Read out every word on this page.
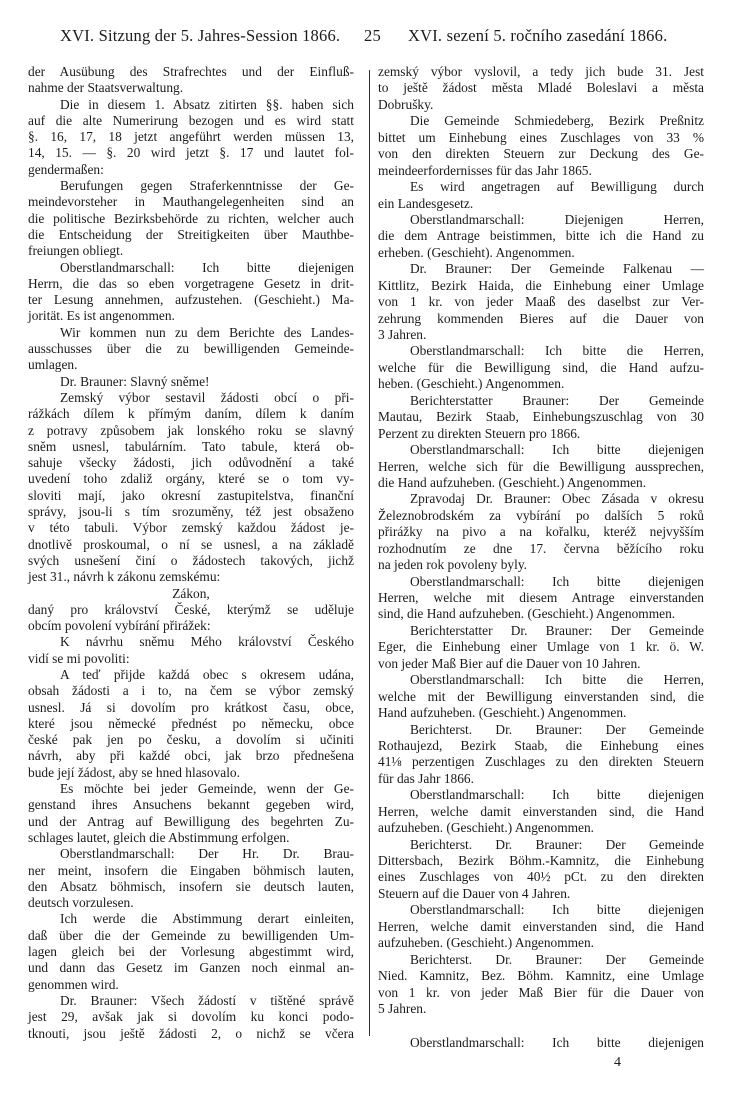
XVI. Sitzung der 5. Jahres-Session 1866. 25 XVI. sezení 5. ročního zasedání 1866.
der Ausübung des Strafrechtes und der Einfluß-
nahme der Staatsverwaltung.
Die in diesem 1. Absatz zitirten §§. haben sich
auf die alte Numerirung bezogen und es wird statt
§. 16, 17, 18 jetzt angeführt werden müssen 13,
14, 15. — §. 20 wird jetzt §. 17 und lautet fol-
gendermaßen:
Berufungen gegen Straferkenntnisse der Ge-
meindevorsteher in Mauthangelegenheiten sind an
die politische Bezirksbehörde zu richten, welcher auch
die Entscheidung der Streitigkeiten über Mauthbe-
freiungen obliegt.
Oberstlandmarschall: Ich bitte diejenigen
Herrn, die das so eben vorgetragene Gesetz in drit-
ter Lesung annehmen, aufzustehen. (Geschieht.) Ma-
jorität. Es ist angenommen.
Wir kommen nun zu dem Berichte des Landes-
ausschusses über die zu bewilligenden Gemeinde-
umlagen.
Dr. Brauner: Slavný sněme!
Zemský výbor sestavil žádosti obcí o při-
rážkách dílem k přímým daním, dílem k daním
z potravy způsobem jak lonského roku se slavný
sněm usnesl, tabulárním. Tato tabule, která ob-
sahuje všecky žádosti, jich odůvodnění a také
uvedení toho zdaliž orgány, které se o tom vy-
sloviti mají, jako okresní zastupitelstva, finanční
správy, jsou-li s tím srozuměny, též jest obsaženo
v této tabuli. Výbor zemský každou žádost je-
dnotlivě proskoumal, o ní se usnesl, a na základě
svých usnešení činí o žádostech takových, jichž
jest 31., návrh k zákonu zemskému:
Zákon,
daný pro království České, kterýmž se uděluje
obcím povolení vybírání přirážek:
K návrhu sněmu Mého království Českého
vidí se mi povoliti:
A teď přijde každá obec s okresem udána,
obsah žádosti a i to, na čem se výbor zemský
usnesl. Já si dovolím pro krátkost času, obce,
které jsou německé přednést po německu, obce
české pak jen po česku, a dovolím si učiniti
návrh, aby při každé obci, jak brzo přednešena
bude její žádost, aby se hned hlasovalo.
Es möchte bei jeder Gemeinde, wenn der Ge-
genstand ihres Ansuchens bekannt gegeben wird,
und der Antrag auf Bewilligung des begehrten Zu-
schlages lautet, gleich die Abstimmung erfolgen.
Oberstlandmarschall: Der Hr. Dr. Brau-
ner meint, insofern die Eingaben böhmisch lauten,
den Absatz böhmisch, insofern sie deutsch lauten,
deutsch vorzulesen.
Ich werde die Abstimmung derart einleiten,
daß über die der Gemeinde zu bewilligenden Um-
lagen gleich bei der Vorlesung abgestimmt wird,
und dann das Gesetz im Ganzen noch einmal an-
genommen wird.
Dr. Brauner: Všech žádostí v tištěné správě
jest 29, avšak jak si dovolím ku konci podo-
tknouti, jsou ještě žádosti 2, o nichž se včera
zemský výbor vyslovil, a tedy jich bude 31. Jest
to ještě žádost města Mladé Boleslavi a města
Dobrušky.
Die Gemeinde Schmiedeberg, Bezirk Preßnitz
bittet um Einhebung eines Zuschlages von 33 %
von den direkten Steuern zur Deckung des Ge-
meindeerfordernisses für das Jahr 1865.
Es wird angetragen auf Bewilligung durch
ein Landesgesetz.
Oberstlandmarschall: Diejenigen Herren,
die dem Antrage beistimmen, bitte ich die Hand zu
erheben. (Geschieht). Angenommen.
Dr. Brauner: Der Gemeinde Falkenau —
Kittlitz, Bezirk Haida, die Einhebung einer Umlage
von 1 kr. von jeder Maaß des daselbst zur Ver-
zehrung kommenden Bieres auf die Dauer von
3 Jahren.
Oberstlandmarschall: Ich bitte die Herren,
welche für die Bewilligung sind, die Hand aufzu-
heben. (Geschieht.) Angenommen.
Berichterstatter Brauner: Der Gemeinde
Mautau, Bezirk Staab, Einhebungszuschlag von 30
Perzent zu direkten Steuern pro 1866.
Oberstlandmarschall: Ich bitte diejenigen
Herren, welche sich für die Bewilligung aussprechen,
die Hand aufzuheben. (Geschieht.) Angenommen.
Zpravodaj Dr. Brauner: Obec Zásada v okresu
Železnobrodském za vybírání po dalších 5 roků
přirážky na pivo a na kořalku, kteréž nejvyšším
rozhodnutím ze dne 17. června běžícího roku
na jeden rok povoleny byly.
Oberstlandmarschall: Ich bitte diejenigen
Herren, welche mit diesem Antrage einverstanden
sind, die Hand aufzuheben. (Geschieht.) Angenommen.
Berichterstatter Dr. Brauner: Der Gemeinde
Eger, die Einhebung einer Umlage von 1 kr. ö. W.
von jeder Maß Bier auf die Dauer von 10 Jahren.
Oberstlandmarschall: Ich bitte die Herren,
welche mit der Bewilligung einverstanden sind, die
Hand aufzuheben. (Geschieht.) Angenommen.
Berichterst. Dr. Brauner: Der Gemeinde
Rothaujezd, Bezirk Staab, die Einhebung eines
41⅛ perzentigen Zuschlages zu den direkten Steuern
für das Jahr 1866.
Oberstlandmarschall: Ich bitte diejenigen
Herren, welche damit einverstanden sind, die Hand
aufzuheben. (Geschieht.) Angenommen.
Berichterst. Dr. Brauner: Der Gemeinde
Dittersbach, Bezirk Böhm.-Kamnitz, die Einhebung
eines Zuschlages von 40½ pCt. zu den direkten
Steuern auf die Dauer von 4 Jahren.
Oberstlandmarschall: Ich bitte diejenigen
Herren, welche damit einverstanden sind, die Hand
aufzuheben. (Geschieht.) Angenommen.
Berichterst. Dr. Brauner: Der Gemeinde
Nied. Kamnitz, Bez. Böhm. Kamnitz, eine Umlage
von 1 kr. von jeder Maß Bier für die Dauer von
5 Jahren.
Oberstlandmarschall: Ich bitte diejenigen
4
